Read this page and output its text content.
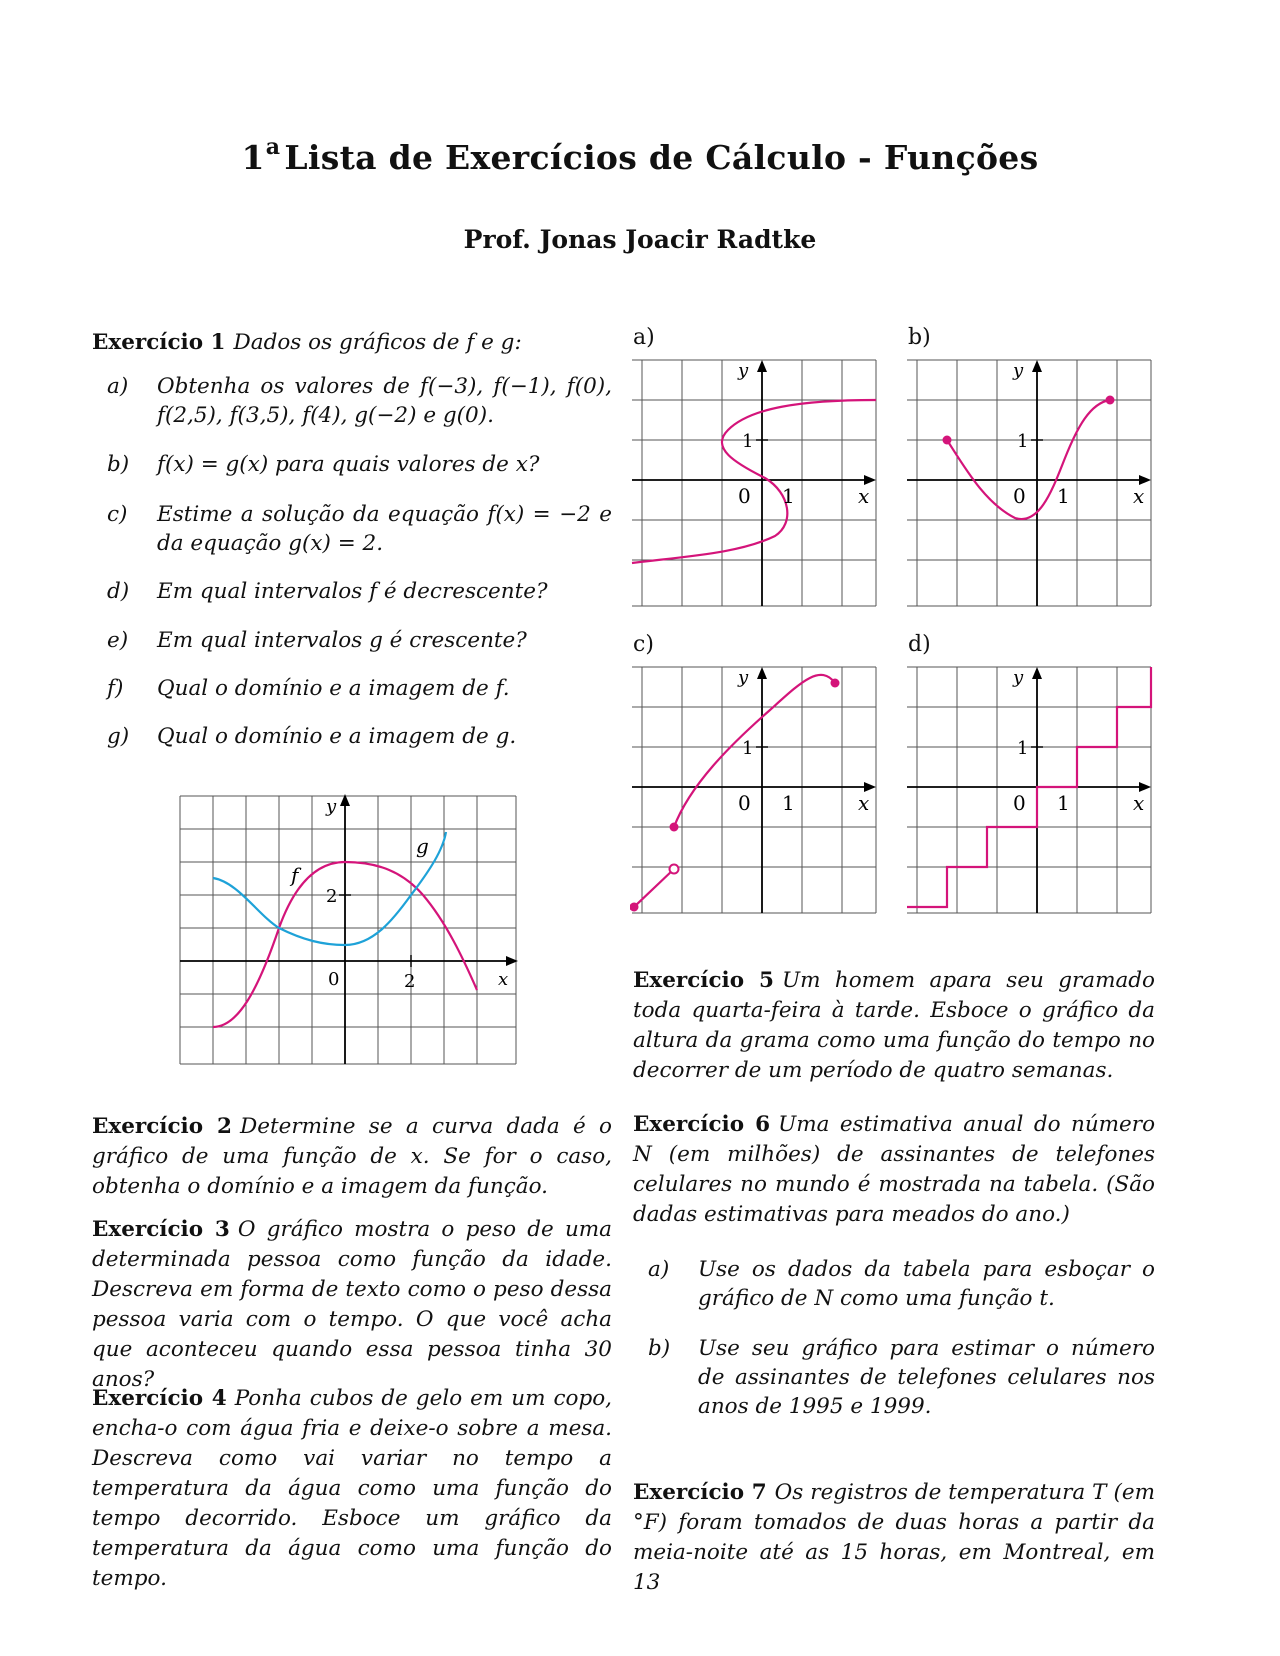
1$^a$ Lista de Exercícios de Cálculo - Funções
Prof. Jonas Joacir Radtke
Exercício 1 Dados os gráficos de f e g:
a) Obtenha os valores de f(−3), f(−1), f(0), f(2,5), f(3,5), f(4), g(−2) e g(0).
b) f(x) = g(x) para quais valores de x?
c) Estime a solução da equação f(x) = −2 e da equação g(x) = 2.
d) Em qual intervalos f é decrescente?
e) Em qual intervalos g é crescente?
f) Qual o domínio e a imagem de f.
g) Qual o domínio e a imagem de g.
y
f
g
2
0	2	x
Exercício 2 Determine se a curva dada é o gráfico de uma função de x. Se for o caso, obtenha o domínio e a imagem da função.
Exercício 3 O gráfico mostra o peso de uma determinada pessoa como função da idade. Descreva em forma de texto como o peso dessa pessoa varia com o tempo. O que você acha que aconteceu quando essa pessoa tinha 30 anos?
Exercício 4 Ponha cubos de gelo em um copo, encha-o com água fria e deixe-o sobre a mesa. Descreva como vai variar no tempo a temperatura da água como uma função do tempo decorrido. Esboce um gráfico da temperatura da água como uma função do tempo.
a)	b)
c)	d)
y
1
0 1	x
y
1
0 1	x
y
1
0 1	x
y
1
0 1	x
Exercício 5 Um homem apara seu gramado toda quarta-feira à tarde. Esboce o gráfico da altura da grama como uma função do tempo no decorrer de um período de quatro semanas.
Exercício 6 Uma estimativa anual do número N (em milhões) de assinantes de telefones celulares no mundo é mostrada na tabela. (São dadas estimativas para meados do ano.)
a) Use os dados da tabela para esboçar o gráfico de N como uma função t.
b) Use seu gráfico para estimar o número de assinantes de telefones celulares nos anos de 1995 e 1999.
Exercício 7 Os registros de temperatura T (em °F) foram tomados de duas horas a partir da meia-noite até as 15 horas, em Montreal, em 13
